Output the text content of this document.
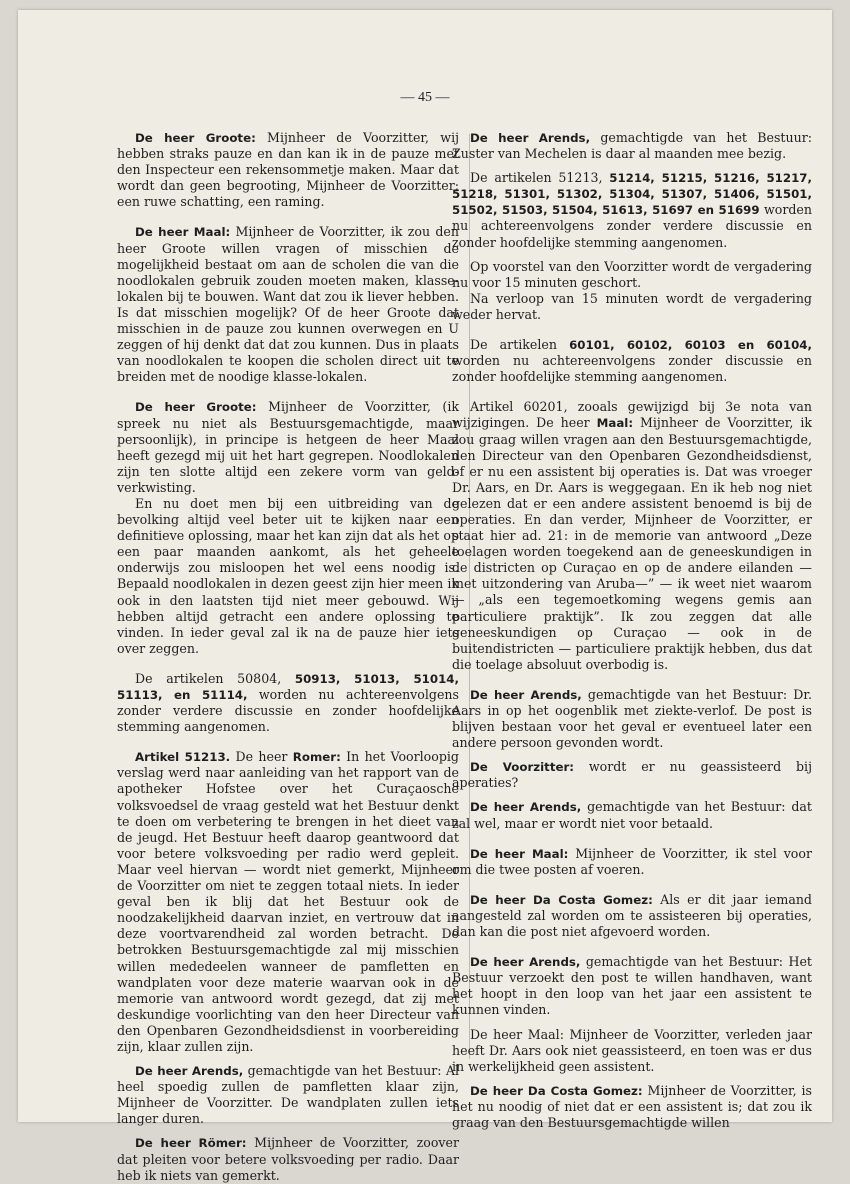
— 45 —

De heer Groote: Mijnheer de Voorzitter, wij hebben straks pauze en dan kan ik in de pauze met den Inspecteur een rekensommetje maken. Maar dat wordt dan geen begrooting, Mijnheer de Voorzitter; een ruwe schatting, een raming.

De heer Maal: Mijnheer de Voorzitter, ik zou den heer Groote willen vragen of misschien de mogelijkheid bestaat om aan de scholen die van die noodlokalen gebruik zouden moeten maken, klasse-lokalen bij te bouwen. Want dat zou ik liever hebben. Is dat misschien mogelijk? Of de heer Groote dat misschien in de pauze zou kunnen overwegen en U zeggen of hij denkt dat dat zou kunnen. Dus in plaats van noodlokalen te koopen die scholen direct uit te breiden met de noodige klasse-lokalen.

De heer Groote: Mijnheer de Voorzitter, (ik spreek nu niet als Bestuursgemachtigde, maar persoonlijk), in principe is hetgeen de heer Maal heeft gezegd mij uit het hart gegrepen. Noodlokalen zijn ten slotte altijd een zekere vorm van geld-verkwisting.

En nu doet men bij een uitbreiding van de bevolking altijd veel beter uit te kijken naar een definitieve oplossing, maar het kan zijn dat als het op een paar maanden aankomt, als het geheele onderwijs zou misloopen het wel eens noodig is. Bepaald noodlokalen in dezen geest zijn hier meen ik ook in den laatsten tijd niet meer gebouwd. Wij hebben altijd getracht een andere oplossing te vinden. In ieder geval zal ik na de pauze hier iets over zeggen.

De artikelen 50804, 50913, 51013, 51014, 51113, en 51114, worden nu achtereenvolgens zonder verdere discussie en zonder hoofdelijke stemming aangenomen.

Artikel 51213. De heer Romer: In het Voorloopig verslag werd naar aanleiding van het rapport van de apotheker Hofstee over het Curaçaosche volksvoedsel de vraag gesteld wat het Bestuur denkt te doen om verbetering te brengen in het dieet van de jeugd. Het Bestuur heeft daarop geantwoord dat voor betere volksvoeding per radio werd gepleit. Maar veel hiervan — wordt niet gemerkt, Mijnheer de Voorzitter om niet te zeggen totaal niets. In ieder geval ben ik blij dat het Bestuur ook de noodzakelijkheid daarvan inziet, en vertrouw dat in deze voortvarendheid zal worden betracht. De betrokken Bestuursgemachtigde zal mij misschien willen mededeelen wanneer de pamfletten en wandplaten voor deze materie waarvan ook in de memorie van antwoord wordt gezegd, dat zij met deskundige voorlichting van den heer Directeur van den Openbaren Gezondheidsdienst in voorbereiding zijn, klaar zullen zijn.

De heer Arends, gemachtigde van het Bestuur: Al heel spoedig zullen de pamfletten klaar zijn, Mijnheer de Voorzitter. De wandplaten zullen iets langer duren.

De heer Römer: Mijnheer de Voorzitter, zoover dat pleiten voor betere volksvoeding per radio. Daar heb ik niets van gemerkt.

De heer Arends, gemachtigde van het Bestuur: Zuster van Mechelen is daar al maanden mee bezig.

De artikelen 51213, 51214, 51215, 51216, 51217, 51218, 51301, 51302, 51304, 51307, 51406, 51501, 51502, 51503, 51504, 51613, 51697 en 51699 worden nu achtereenvolgens zonder verdere discussie en zonder hoofdelijke stemming aangenomen.

Op voorstel van den Voorzitter wordt de vergadering nu voor 15 minuten geschort.

Na verloop van 15 minuten wordt de vergadering weder hervat.

De artikelen 60101, 60102, 60103 en 60104, worden nu achtereenvolgens zonder discussie en zonder hoofdelijke stemming aangenomen.

Artikel 60201, zooals gewijzigd bij 3e nota van wijzigingen. De heer Maal: Mijnheer de Voorzitter, ik zou graag willen vragen aan den Bestuursgemachtigde, den Directeur van den Openbaren Gezondheidsdienst, of er nu een assistent bij operaties is. Dat was vroeger Dr. Aars, en Dr. Aars is weggegaan. En ik heb nog niet gelezen dat er een andere assistent benoemd is bij de operaties. En dan verder, Mijnheer de Voorzitter, er staat hier ad. 21: in de memorie van antwoord „Deze toelagen worden toegekend aan de geneeskundigen in de districten op Curaçao en op de andere eilanden — met uitzondering van Aruba—” — ik weet niet waarom — „als een tegemoetkoming wegens gemis aan particuliere praktijk”. Ik zou zeggen dat alle geneeskundigen op Curaçao — ook in de buitendistricten — particuliere praktijk hebben, dus dat die toelage absoluut overbodig is.

De heer Arends, gemachtigde van het Bestuur: Dr. Aars in op het oogenblik met ziekte-verlof. De post is blijven bestaan voor het geval er eventueel later een andere persoon gevonden wordt.

De Voorzitter: wordt er nu geassisteerd bij aperaties?

De heer Arends, gemachtigde van het Bestuur: dat zal wel, maar er wordt niet voor betaald.

De heer Maal: Mijnheer de Voorzitter, ik stel voor om die twee posten af voeren.

De heer Da Costa Gomez: Als er dit jaar iemand aangesteld zal worden om te assisteeren bij operaties, dan kan die post niet afgevoerd worden.

De heer Arends, gemachtigde van het Bestuur: Het Bestuur verzoekt den post te willen handhaven, want het hoopt in den loop van het jaar een assistent te kunnen vinden.

De heer Maal: Mijnheer de Voorzitter, verleden jaar heeft Dr. Aars ook niet geassisteerd, en toen was er dus in werkelijkheid geen assistent.

De heer Da Costa Gomez: Mijnheer de Voorzitter, is het nu noodig of niet dat er een assistent is; dat zou ik graag van den Bestuursgemachtigde willen
